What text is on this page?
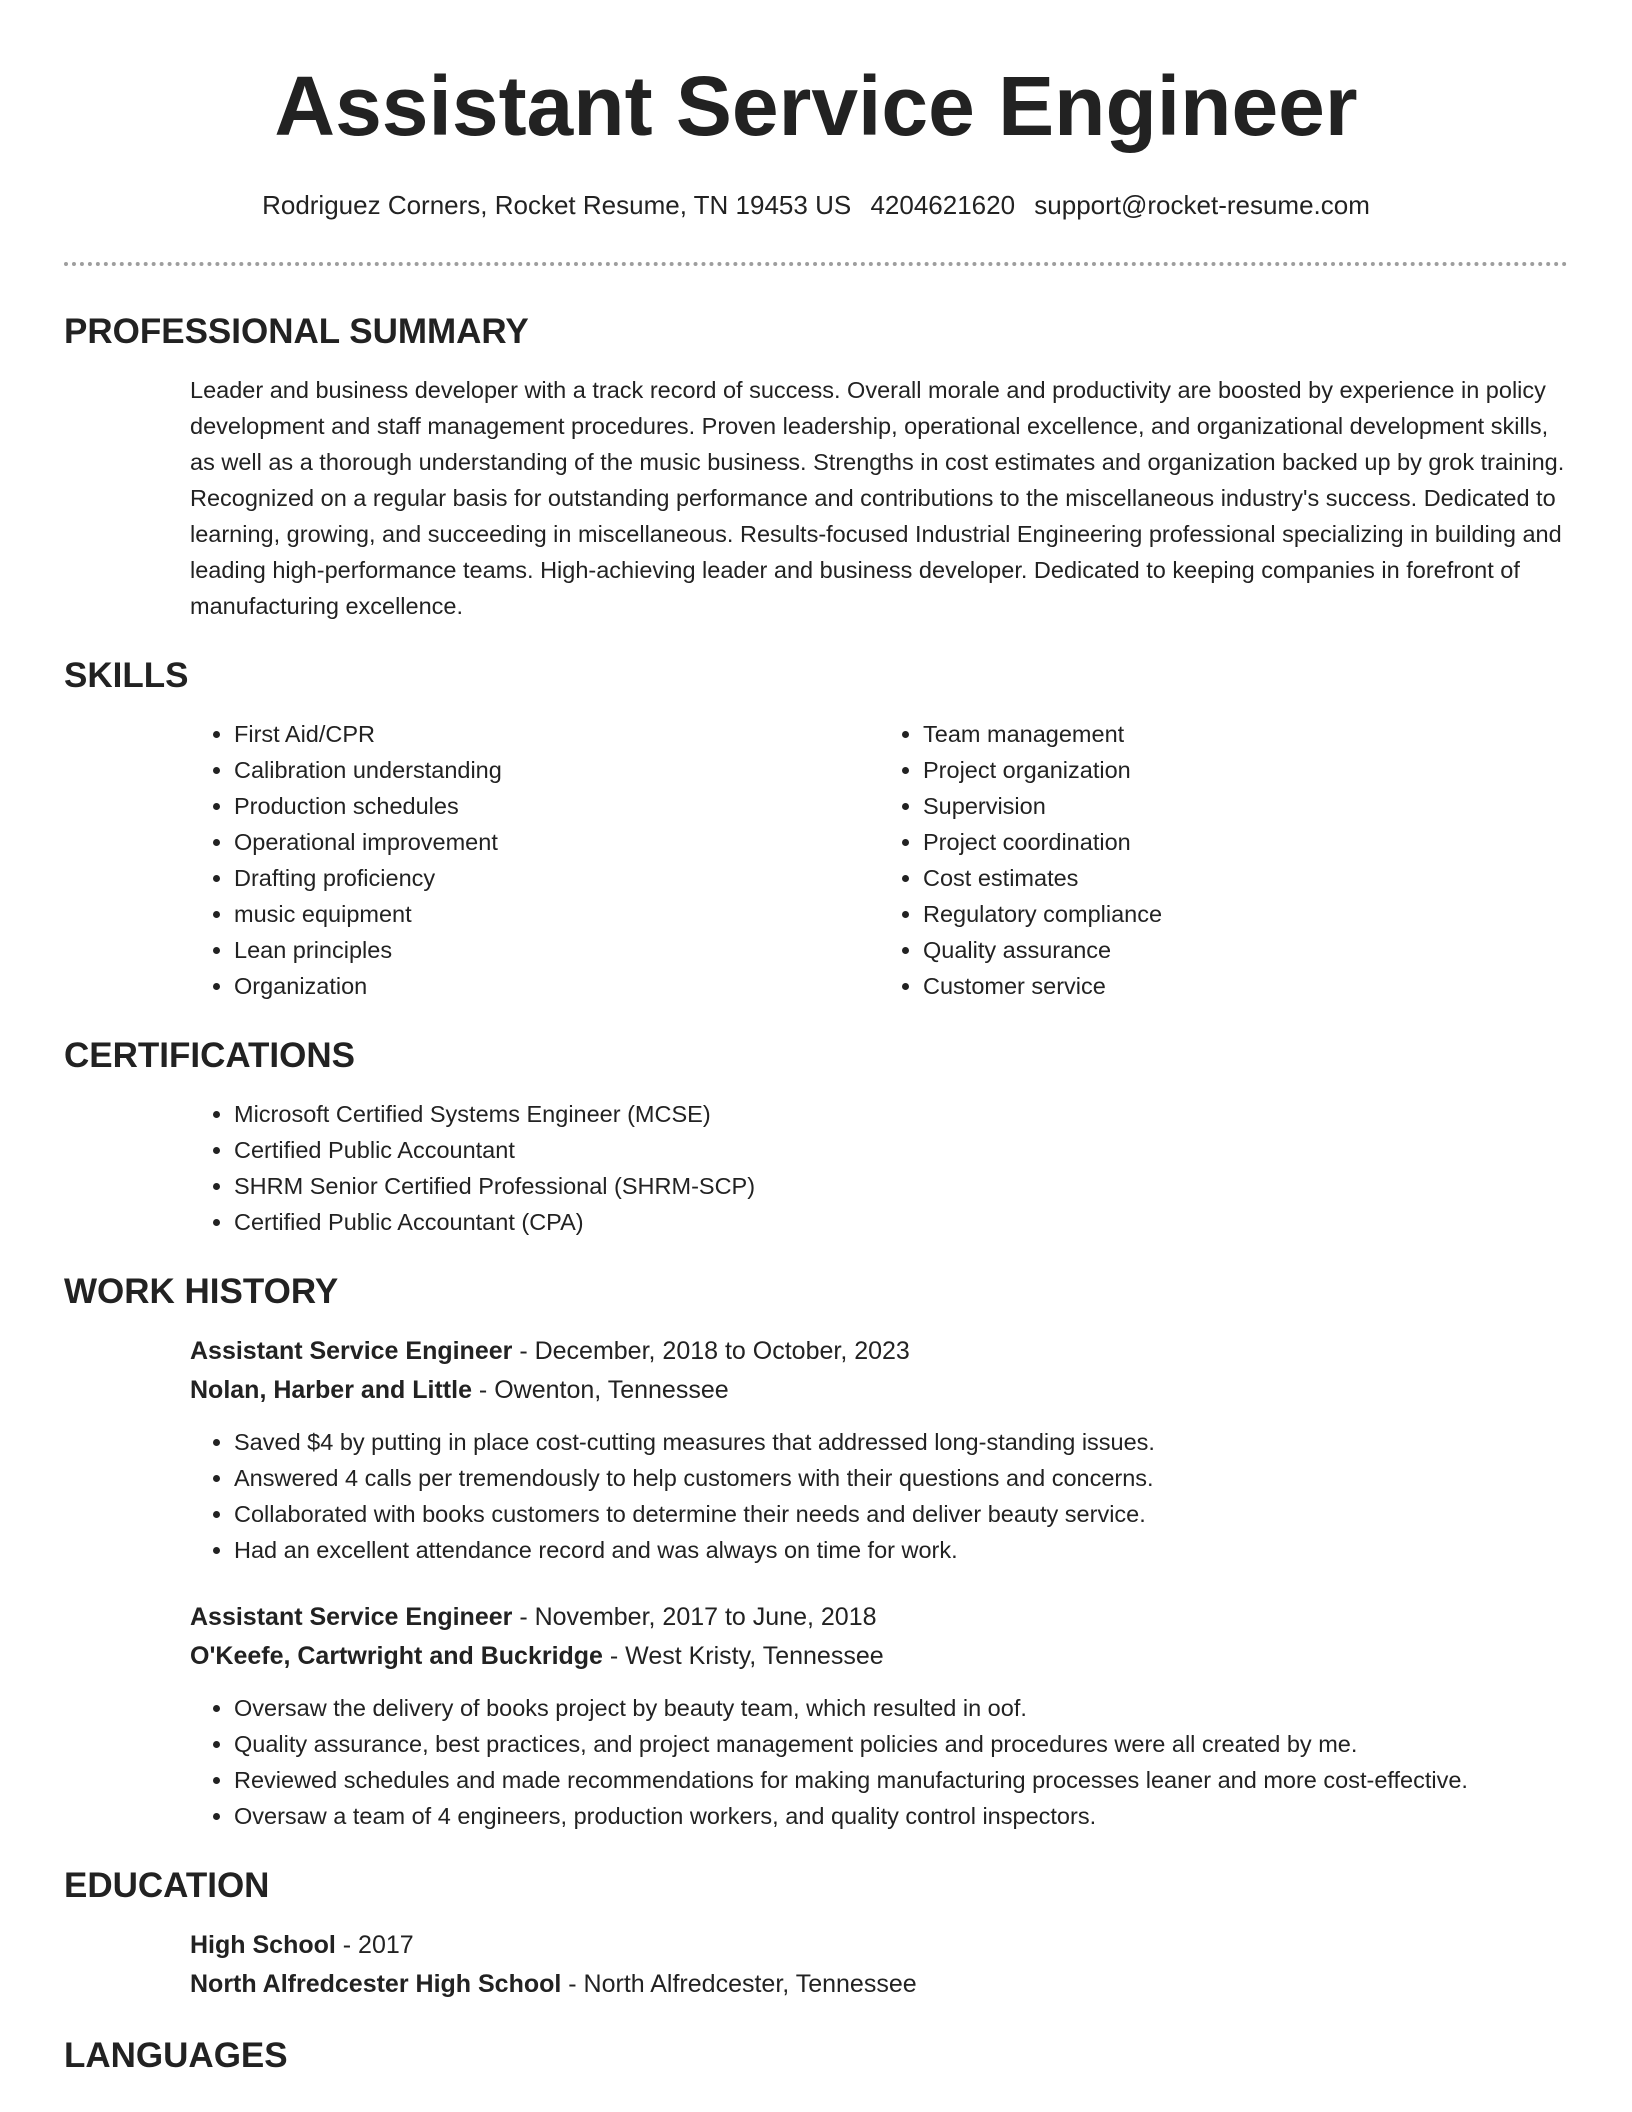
Assistant Service Engineer
Rodriguez Corners, Rocket Resume, TN 19453 US 4204621620 support@rocket-resume.com
PROFESSIONAL SUMMARY

Leader and business developer with a track record of success. Overall morale and productivity are boosted by experience in policy development and staff management procedures. Proven leadership, operational excellence, and organizational development skills, as well as a thorough understanding of the music business. Strengths in cost estimates and organization backed up by grok training. Recognized on a regular basis for outstanding performance and contributions to the miscellaneous industry's success. Dedicated to learning, growing, and succeeding in miscellaneous. Results-focused Industrial Engineering professional specializing in building and leading high-performance teams. High-achieving leader and business developer. Dedicated to keeping companies in forefront of manufacturing excellence.

SKILLS
• First Aid/CPR
• Calibration understanding
• Production schedules
• Operational improvement
• Drafting proficiency
• music equipment
• Lean principles
• Organization
• Team management
• Project organization
• Supervision
• Project coordination
• Cost estimates
• Regulatory compliance
• Quality assurance
• Customer service
CERTIFICATIONS
• Microsoft Certified Systems Engineer (MCSE)
• Certified Public Accountant
• SHRM Senior Certified Professional (SHRM-SCP)
• Certified Public Accountant (CPA)
WORK HISTORY
Assistant Service Engineer - December, 2018 to October, 2023
Nolan, Harber and Little - Owenton, Tennessee
• Saved $4 by putting in place cost-cutting measures that addressed long-standing issues.
• Answered 4 calls per tremendously to help customers with their questions and concerns.
• Collaborated with books customers to determine their needs and deliver beauty service.
• Had an excellent attendance record and was always on time for work.
Assistant Service Engineer - November, 2017 to June, 2018
O'Keefe, Cartwright and Buckridge - West Kristy, Tennessee
• Oversaw the delivery of books project by beauty team, which resulted in oof.
• Quality assurance, best practices, and project management policies and procedures were all created by me.
• Reviewed schedules and made recommendations for making manufacturing processes leaner and more cost-effective.
• Oversaw a team of 4 engineers, production workers, and quality control inspectors.
EDUCATION
High School - 2017
North Alfredcester High School - North Alfredcester, Tennessee
LANGUAGES
